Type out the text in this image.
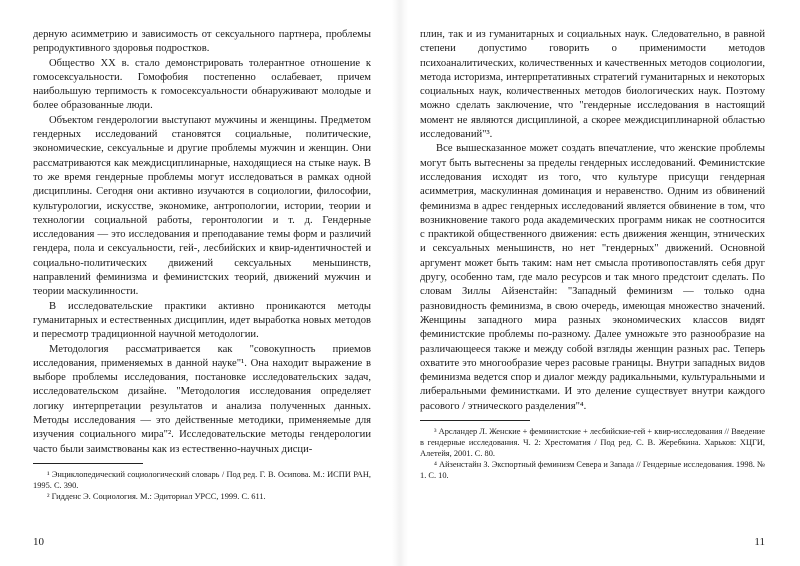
дерную асимметрию и зависимость от сексуального партнера, проблемы репродуктивного здоровья подростков.

Общество XX в. стало демонстрировать толерантное отношение к гомосексуальности. Гомофобия постепенно ослабевает, причем наибольшую терпимость к гомосексуальности обнаруживают молодые и более образованные люди.

Объектом гендерологии выступают мужчины и женщины. Предметом гендерных исследований становятся социальные, политические, экономические, сексуальные и другие проблемы мужчин и женщин. Они рассматриваются как междисциплинарные, находящиеся на стыке наук. В то же время гендерные проблемы могут исследоваться в рамках одной дисциплины. Сегодня они активно изучаются в социологии, философии, культурологии, искусстве, экономике, антропологии, истории, теории и технологии социальной работы, геронтологии и т. д. Гендерные исследования — это исследования и преподавание темы форм и различий гендера, пола и сексуальности, гей-, лесбийских и квир-идентичностей и социально-политических движений сексуальных меньшинств, направлений феминизма и феминистских теорий, движений мужчин и теории маскулинности.

В исследовательские практики активно проникаются методы гуманитарных и естественных дисциплин, идет выработка новых методов и пересмотр традиционной научной методологии.

Методология рассматривается как "совокупность приемов исследования, применяемых в данной науке"¹. Она находит выражение в выборе проблемы исследования, постановке исследовательских задач, исследовательском дизайне. "Методология исследования определяет логику интерпретации результатов и анализа полученных данных. Методы исследования — это действенные методики, применяемые для изучения социального мира"². Исследовательские методы гендерологии часто были заимствованы как из естественно-научных дисци-

¹ Энциклопедический социологический словарь / Под ред. Г. В. Осипова. М.: ИСПИ РАН, 1995. С. 390.

² Гидденс Э. Социология. М.: Эдиториал УРСС, 1999. С. 611.

10

плин, так и из гуманитарных и социальных наук. Следовательно, в равной степени допустимо говорить о применимости методов психоаналитических, количественных и качественных методов социологии, метода историзма, интерпретативных стратегий гуманитарных и некоторых социальных наук, количественных методов биологических наук. Поэтому можно сделать заключение, что "гендерные исследования в настоящий момент не являются дисциплиной, а скорее междисциплинарной областью исследований"³.

Все вышесказанное может создать впечатление, что женские проблемы могут быть вытеснены за пределы гендерных исследований. Феминистские исследования исходят из того, что культуре присущи гендерная асимметрия, маскулинная доминация и неравенство. Одним из обвинений феминизма в адрес гендерных исследований является обвинение в том, что возникновение такого рода академических программ никак не соотносится с практикой общественного движения: есть движения женщин, этнических и сексуальных меньшинств, но нет "гендерных" движений. Основной аргумент может быть таким: нам нет смысла противопоставлять себя друг другу, особенно там, где мало ресурсов и так много предстоит сделать. По словам Зиллы Айзенстайн: "Западный феминизм — только одна разновидность феминизма, в свою очередь, имеющая множество значений. Женщины западного мира разных экономических классов видят феминистские проблемы по-разному. Далее умножьте это разнообразие на различающееся также и между собой взгляды женщин разных рас. Теперь охватите это многообразие через расовые границы. Внутри западных видов феминизма ведется спор и диалог между радикальными, культуральными и либеральными феминистками. И это деление существует внутри каждого расового / этнического разделения"⁴.

³ Арсландер Л. Женские + феминистские + лесбийские-гей + квир-исследования // Введение в гендерные исследования. Ч. 2: Хрестоматия / Под ред. С. В. Жеребкина. Харьков: ХЦГИ, Алетейя, 2001. С. 80.

⁴ Айзенстайн З. Экспортный феминизм Севера и Запада // Гендерные исследования. 1998. № 1. С. 10.

11
